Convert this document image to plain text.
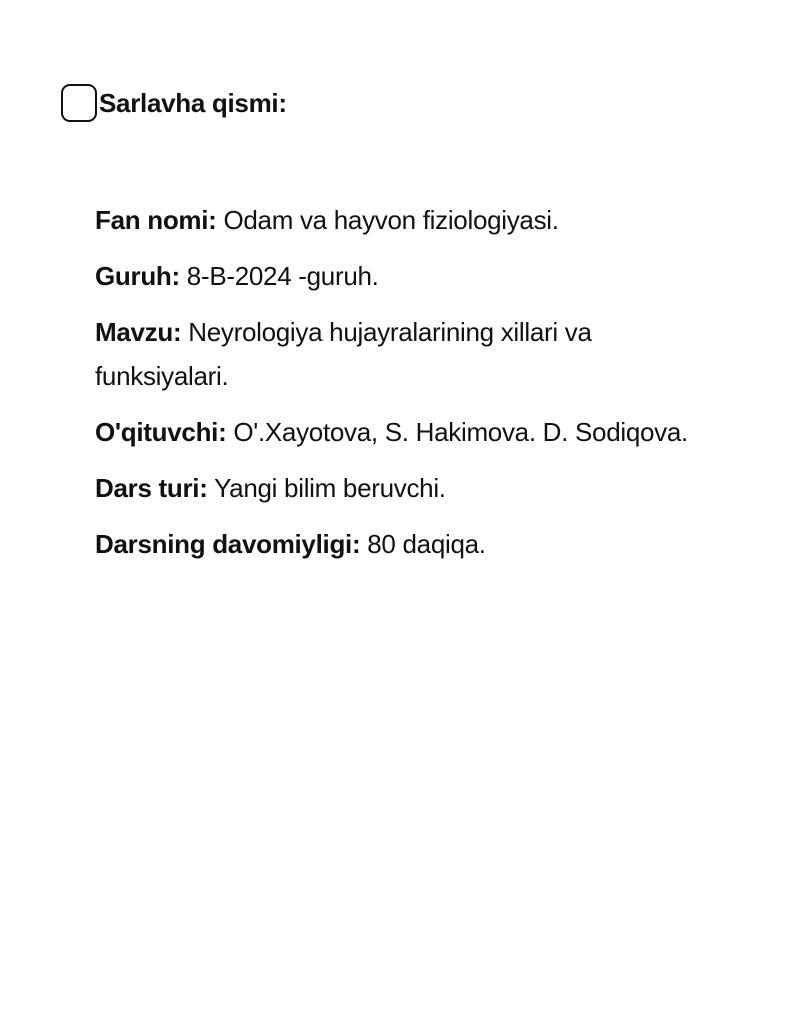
Sarlavha qismi:

Fan nomi: Odam va hayvon fiziologiyasi.

Guruh: 8-B-2024 -guruh.

Mavzu: Neyrologiya hujayralarining xillari va funksiyalari.

O'qituvchi: O'.Xayotova, S. Hakimova. D. Sodiqova.

Dars turi: Yangi bilim beruvchi.

Darsning davomiyligi: 80 daqiqa.
